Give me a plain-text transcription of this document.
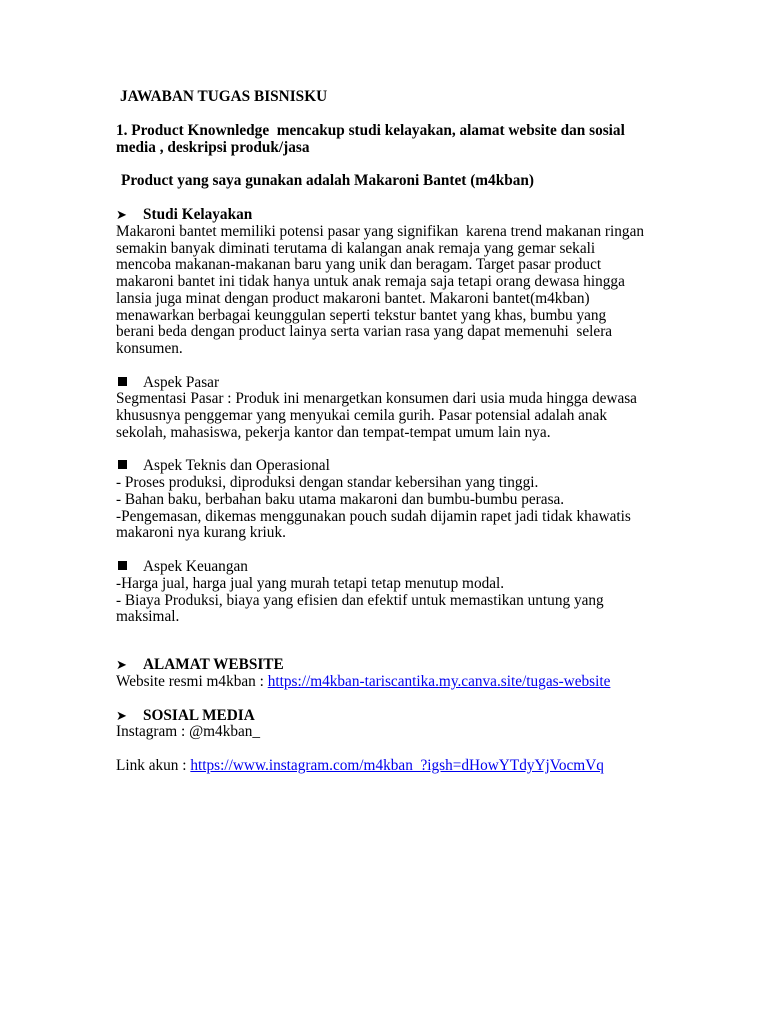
JAWABAN TUGAS BISNISKU
1. Product Knownledge  mencakup studi kelayakan, alamat website dan sosial
media , deskripsi produk/jasa
Product yang saya gunakan adalah Makaroni Bantet (m4kban)
➤	Studi Kelayakan
Makaroni bantet memiliki potensi pasar yang signifikan  karena trend makanan ringan
semakin banyak diminati terutama di kalangan anak remaja yang gemar sekali
mencoba makanan-makanan baru yang unik dan beragam. Target pasar product
makaroni bantet ini tidak hanya untuk anak remaja saja tetapi orang dewasa hingga
lansia juga minat dengan product makaroni bantet. Makaroni bantet(m4kban)
menawarkan berbagai keunggulan seperti tekstur bantet yang khas, bumbu yang
berani beda dengan product lainya serta varian rasa yang dapat memenuhi  selera
konsumen.
Aspek Pasar
Segmentasi Pasar : Produk ini menargetkan konsumen dari usia muda hingga dewasa
khususnya penggemar yang menyukai cemila gurih. Pasar potensial adalah anak
sekolah, mahasiswa, pekerja kantor dan tempat-tempat umum lain nya.
Aspek Teknis dan Operasional
- Proses produksi, diproduksi dengan standar kebersihan yang tinggi.
- Bahan baku, berbahan baku utama makaroni dan bumbu-bumbu perasa.
-Pengemasan, dikemas menggunakan pouch sudah dijamin rapet jadi tidak khawatis
makaroni nya kurang kriuk.
Aspek Keuangan
-Harga jual, harga jual yang murah tetapi tetap menutup modal.
- Biaya Produksi, biaya yang efisien dan efektif untuk memastikan untung yang
maksimal.
➤	ALAMAT WEBSITE
Website resmi m4kban : https://m4kban-tariscantika.my.canva.site/tugas-website
➤	SOSIAL MEDIA
Instagram : @m4kban_
Link akun : https://www.instagram.com/m4kban_?igsh=dHowYTdyYjVocmVq
